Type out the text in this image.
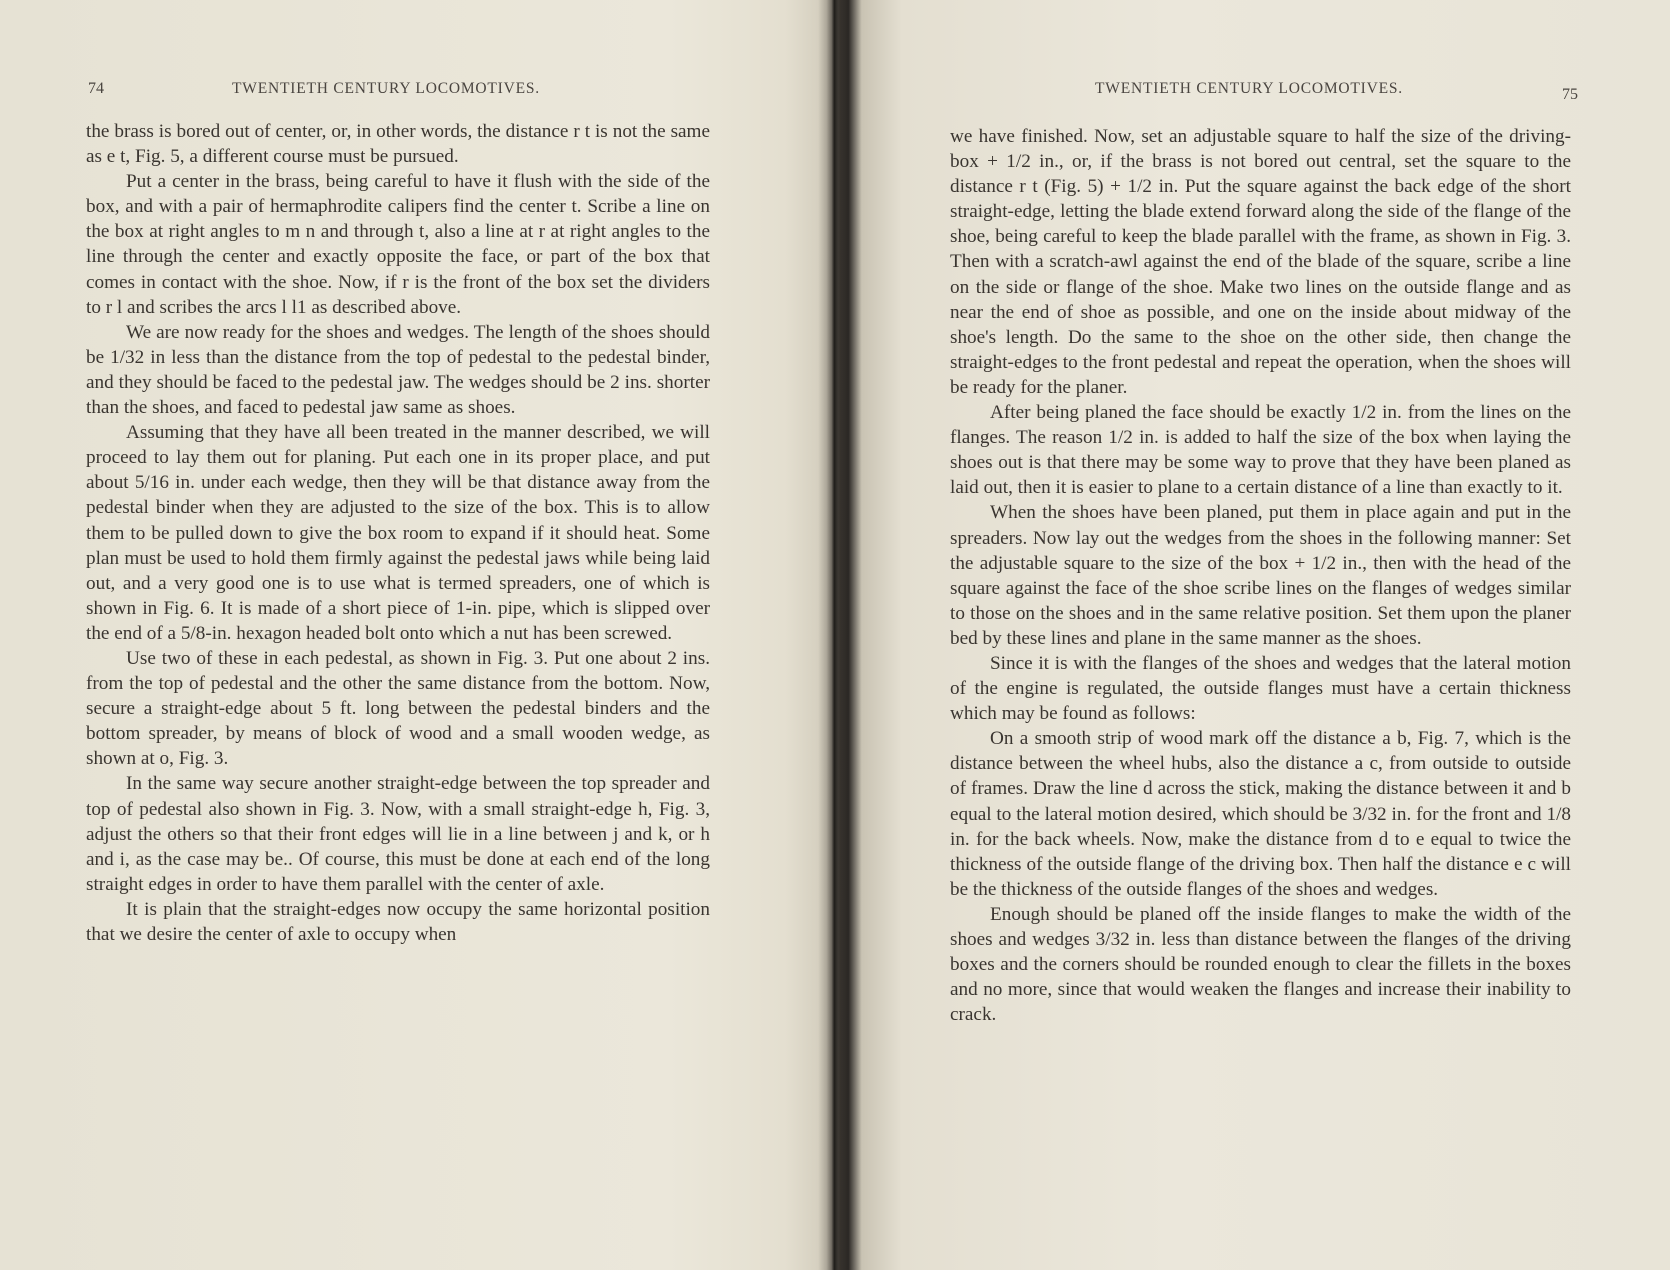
74	TWENTIETH CENTURY LOCOMOTIVES.

the brass is bored out of center, or, in other words, the distance r t is not the same as e t, Fig. 5, a different course must be pursued.

Put a center in the brass, being careful to have it flush with the side of the box, and with a pair of hermaphrodite calipers find the center t. Scribe a line on the box at right angles to m n and through t, also a line at r at right angles to the line through the center and exactly opposite the face, or part of the box that comes in contact with the shoe. Now, if r is the front of the box set the dividers to r l and scribes the arcs l l1 as described above.

We are now ready for the shoes and wedges. The length of the shoes should be 1/32 in less than the distance from the top of pedestal to the pedestal binder, and they should be faced to the pedestal jaw. The wedges should be 2 ins. shorter than the shoes, and faced to pedestal jaw same as shoes.

Assuming that they have all been treated in the manner described, we will proceed to lay them out for planing. Put each one in its proper place, and put about 5/16 in. under each wedge, then they will be that distance away from the pedestal binder when they are adjusted to the size of the box. This is to allow them to be pulled down to give the box room to expand if it should heat. Some plan must be used to hold them firmly against the pedestal jaws while being laid out, and a very good one is to use what is termed spreaders, one of which is shown in Fig. 6. It is made of a short piece of 1-in. pipe, which is slipped over the end of a 5/8-in. hexagon headed bolt onto which a nut has been screwed.

Use two of these in each pedestal, as shown in Fig. 3. Put one about 2 ins. from the top of pedestal and the other the same distance from the bottom. Now, secure a straight-edge about 5 ft. long between the pedestal binders and the bottom spreader, by means of block of wood and a small wooden wedge, as shown at o, Fig. 3.

In the same way secure another straight-edge between the top spreader and top of pedestal also shown in Fig. 3. Now, with a small straight-edge h, Fig. 3, adjust the others so that their front edges will lie in a line between j and k, or h and i, as the case may be.. Of course, this must be done at each end of the long straight edges in order to have them parallel with the center of axle.

It is plain that the straight-edges now occupy the same horizontal position that we desire the center of axle to occupy when

TWENTIETH CENTURY LOCOMOTIVES.	75

we have finished. Now, set an adjustable square to half the size of the driving-box + 1/2 in., or, if the brass is not bored out central, set the square to the distance r t (Fig. 5) + 1/2 in. Put the square against the back edge of the short straight-edge, letting the blade extend forward along the side of the flange of the shoe, being careful to keep the blade parallel with the frame, as shown in Fig. 3. Then with a scratch-awl against the end of the blade of the square, scribe a line on the side or flange of the shoe. Make two lines on the outside flange and as near the end of shoe as possible, and one on the inside about midway of the shoe's length. Do the same to the shoe on the other side, then change the straight-edges to the front pedestal and repeat the operation, when the shoes will be ready for the planer.

After being planed the face should be exactly 1/2 in. from the lines on the flanges. The reason 1/2 in. is added to half the size of the box when laying the shoes out is that there may be some way to prove that they have been planed as laid out, then it is easier to plane to a certain distance of a line than exactly to it.

When the shoes have been planed, put them in place again and put in the spreaders. Now lay out the wedges from the shoes in the following manner: Set the adjustable square to the size of the box + 1/2 in., then with the head of the square against the face of the shoe scribe lines on the flanges of wedges similar to those on the shoes and in the same relative position. Set them upon the planer bed by these lines and plane in the same manner as the shoes.

Since it is with the flanges of the shoes and wedges that the lateral motion of the engine is regulated, the outside flanges must have a certain thickness which may be found as follows:

On a smooth strip of wood mark off the distance a b, Fig. 7, which is the distance between the wheel hubs, also the distance a c, from outside to outside of frames. Draw the line d across the stick, making the distance between it and b equal to the lateral motion desired, which should be 3/32 in. for the front and 1/8 in. for the back wheels. Now, make the distance from d to e equal to twice the thickness of the outside flange of the driving box. Then half the distance e c will be the thickness of the outside flanges of the shoes and wedges.

Enough should be planed off the inside flanges to make the width of the shoes and wedges 3/32 in. less than distance between the flanges of the driving boxes and the corners should be rounded enough to clear the fillets in the boxes and no more, since that would weaken the flanges and increase their inability to crack.
